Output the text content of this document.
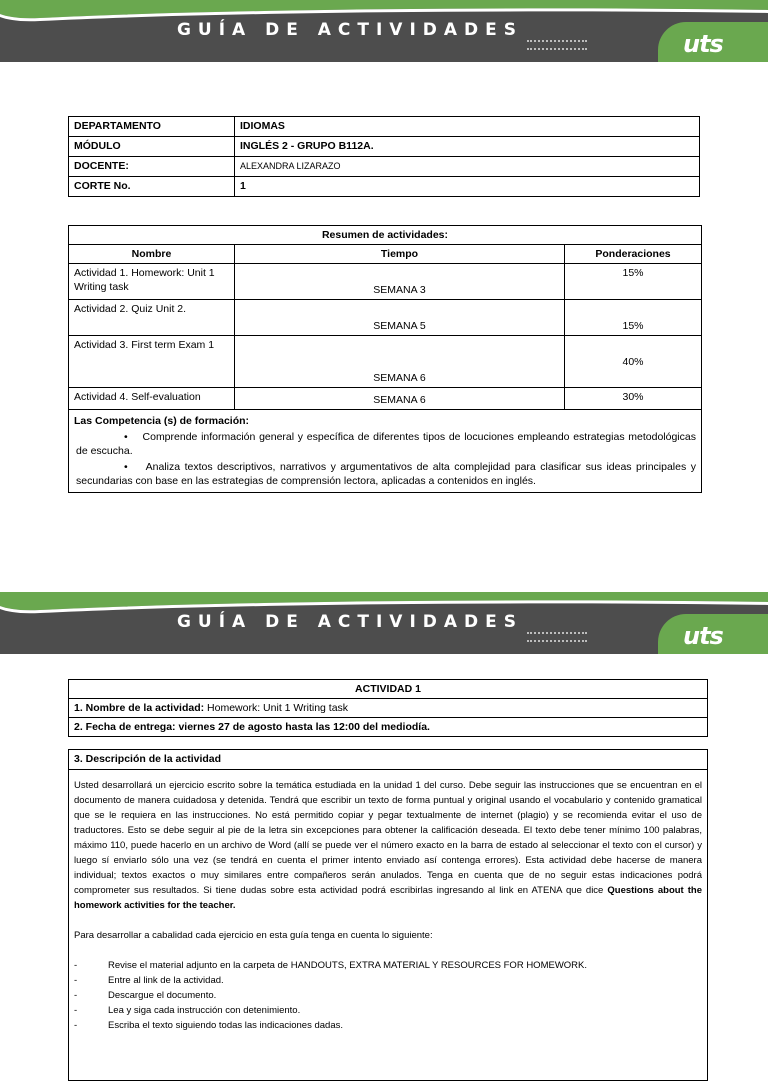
GUÍA DE ACTIVIDADES	uts
DEPARTAMENTO	IDIOMAS
MÓDULO	INGLÉS 2 - GRUPO B112A.
DOCENTE:	ALEXANDRA LIZARAZO
CORTE No.	1
Resumen de actividades:		
Nombre	Tiempo	Ponderaciones
Actividad 1. Homework: Unit 1 Writing task	SEMANA 3	15%
Actividad 2. Quiz Unit 2.	SEMANA 5	15%
Actividad 3. First term Exam 1	SEMANA 6	40%
Actividad 4. Self-evaluation	SEMANA 6	30%

Las Competencia (s) de formación:

•    Comprende información general y específica de diferentes tipos de locuciones empleando estrategias metodológicas de escucha.

•    Analiza textos descriptivos, narrativos y argumentativos de alta complejidad para clasificar sus ideas principales y secundarias con base en las estrategias de comprensión lectora, aplicadas a contenidos en inglés.		

GUÍA DE ACTIVIDADES	uts
ACTIVIDAD 1
1. Nombre de la actividad: Homework: Unit 1 Writing task
2. Fecha de entrega: viernes 27 de agosto hasta las 12:00 del mediodía.
3. Descripción de la actividad

Usted desarrollará un ejercicio escrito sobre la temática estudiada en la unidad 1 del curso. Debe seguir las instrucciones que se encuentran en el documento de manera cuidadosa y detenida. Tendrá que escribir un texto de forma puntual y original usando el vocabulario y contenido gramatical que se le requiera en las instrucciones. No está permitido copiar y pegar textualmente de internet (plagio) y se recomienda evitar el uso de traductores. Esto se debe seguir al pie de la letra sin excepciones para obtener la calificación deseada. El texto debe tener mínimo 100 palabras, máximo 110, puede hacerlo en un archivo de Word (allí se puede ver el número exacto en la barra de estado al seleccionar el texto con el cursor) y luego sí enviarlo sólo una vez (se tendrá en cuenta el primer intento enviado así contenga errores). Esta actividad debe hacerse de manera individual; textos exactos o muy similares entre compañeros serán anulados. Tenga en cuenta que de no seguir estas indicaciones podrá comprometer sus resultados. Si tiene dudas sobre esta actividad podrá escribirlas ingresando al link en ATENA que dice Questions about the homework activities for the teacher.

Para desarrollar a cabalidad cada ejercicio en esta guía tenga en cuenta lo siguiente:

-	Revise el material adjunto en la carpeta de HANDOUTS, EXTRA MATERIAL Y RESOURCES FOR HOMEWORK.
-	Entre al link de la actividad.
-	Descargue el documento.
-	Lea y siga cada instrucción con detenimiento.
-	Escriba el texto siguiendo todas las indicaciones dadas.
